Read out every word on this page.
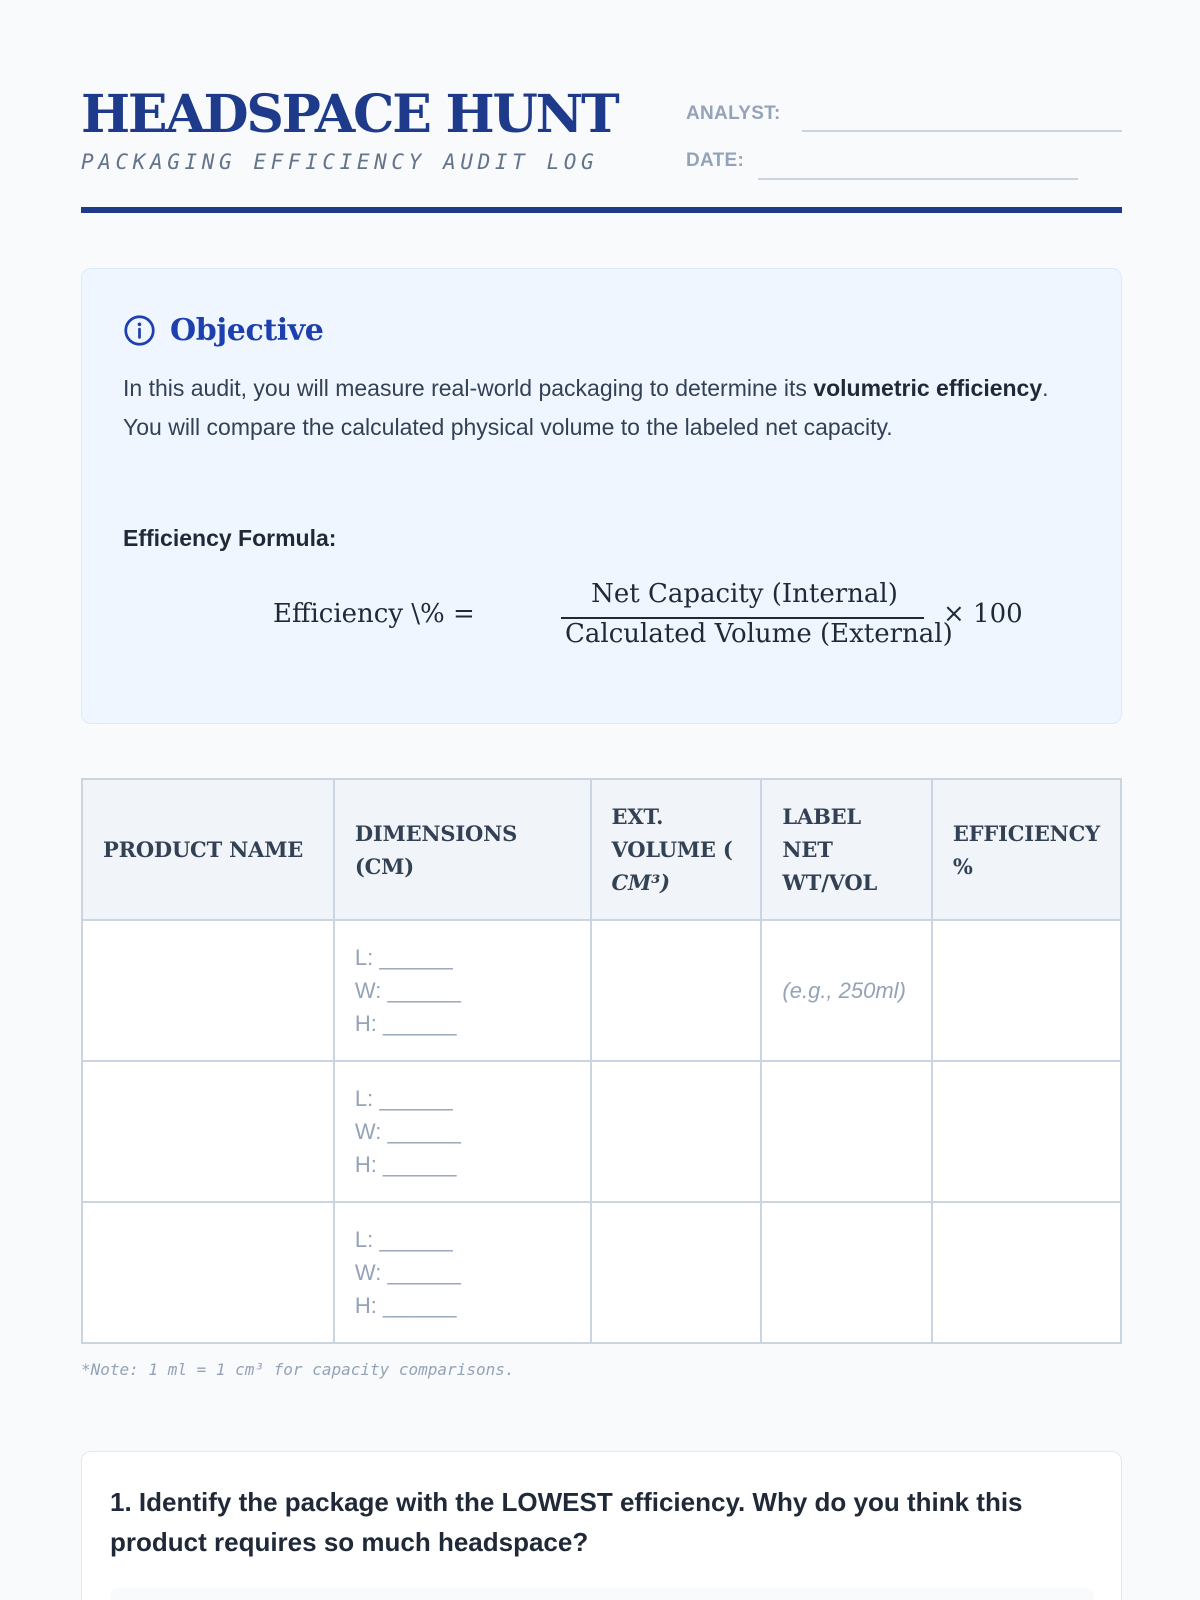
HEADSPACE HUNT
PACKAGING EFFICIENCY AUDIT LOG
ANALYST:
DATE:
Objective

In this audit, you will measure real-world packaging to determine its volumetric efficiency. You will compare the calculated physical volume to the labeled net capacity.

Efficiency Formula:
Efficiency \% =
Net Capacity (Internal)
Calculated Volume (External)
× 100
PRODUCT NAME	DIMENSIONS (CM)	EXT.
VOLUME (
CM³)	LABEL NET WT/VOL	EFFICIENCY %

	L: ______
W: ______
H: ______		(e.g., 250ml)	

	L: ______
W: ______
H: ______			

	L: ______
W: ______
H: ______			

*Note: 1 ml = 1 cm³ for capacity comparisons.
1. Identify the package with the LOWEST efficiency. Why do you think this product requires so much headspace?
